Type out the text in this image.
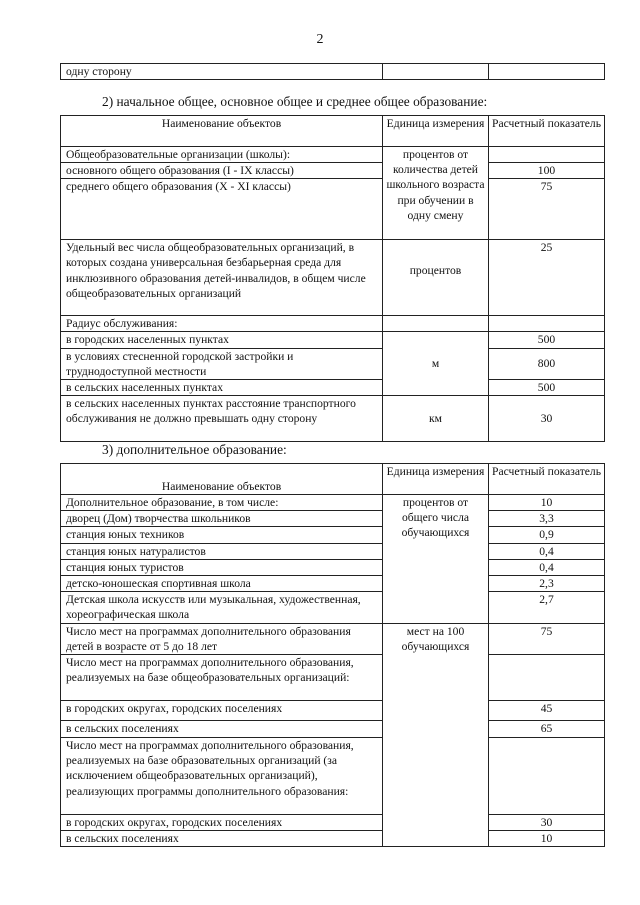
2
одну сторону		
2) начальное общее, основное общее и среднее общее образование:
Наименование объектов	Единица измерения	Расчетный показатель
Общеобразовательные организации (школы):	процентов от количества детей школьного возраста при обучении в одну смену	
основного общего образования (I - IX классы)		100
среднего общего образования (X - XI классы)		75

Удельный вес числа общеобразовательных организаций, в которых создана универсальная безбарьерная среда для инклюзивного образования детей-инвалидов, в общем числе общеобразовательных организаций	процентов	25
Радиус обслуживания:		
в городских населенных пунктах	м	500
в условиях стесненной городской застройки и труднодоступной местности		800
в сельских населенных пунктах		500
в сельских населенных пунктах расстояние транспортного обслуживания не должно превышать одну сторону	км	30
3) дополнительное образование:
Наименование объектов	Единица измерения	Расчетный показатель
Дополнительное образование, в том числе:	процентов от общего числа обучающихся	10
дворец (Дом) творчества школьников		3,3
станция юных техников		0,9
станция юных натуралистов		0,4
станция юных туристов		0,4
детско-юношеская спортивная школа		2,3
Детская школа искусств или музыкальная, художественная, хореографическая школа		2,7
Число мест на программах дополнительного образования детей в возрасте от 5 до 18 лет	мест на 100 обучающихся	75
Число мест на программах дополнительного образования, реализуемых на базе общеобразовательных организаций:		
в городских округах, городских поселениях		45
в сельских поселениях		65
Число мест на программах дополнительного образования, реализуемых на базе образовательных организаций (за исключением общеобразовательных организаций), реализующих программы дополнительного образования:		
в городских округах, городских поселениях		30
в сельских поселениях		10
